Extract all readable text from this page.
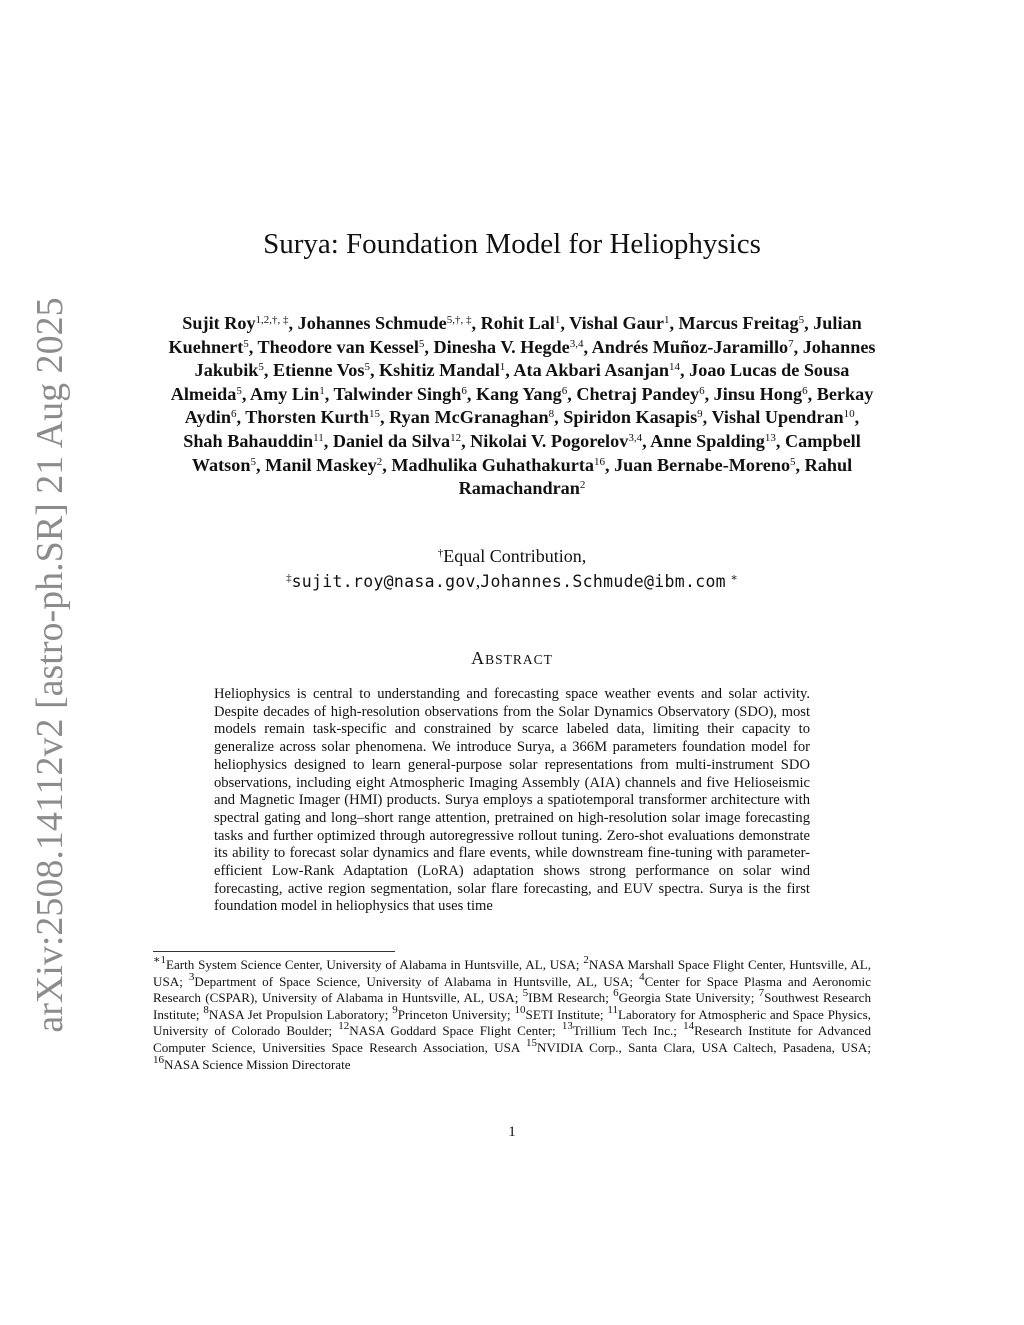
arXiv:2508.14112v2 [astro-ph.SR] 21 Aug 2025
Surya: Foundation Model for Heliophysics
Sujit Roy$^{1,2,\dagger, \ddagger}$, Johannes Schmude$^{5,\dagger, \ddagger}$, Rohit Lal$^1$, Vishal Gaur$^1$, Marcus Freitag$^5$, Julian Kuehnert$^5$, Theodore van Kessel$^5$, Dinesha V. Hegde$^{3,4}$, Andrés Muñoz-Jaramillo$^7$, Johannes Jakubik$^5$, Etienne Vos$^5$, Kshitiz Mandal$^1$, Ata Akbari Asanjan$^{14}$, Joao Lucas de Sousa Almeida$^5$, Amy Lin$^1$, Talwinder Singh$^6$, Kang Yang$^6$, Chetraj Pandey$^6$, Jinsu Hong$^6$, Berkay Aydin$^6$, Thorsten Kurth$^{15}$, Ryan McGranaghan$^8$, Spiridon Kasapis$^9$, Vishal Upendran$^{10}$, Shah Bahauddin$^{11}$, Daniel da Silva$^{12}$, Nikolai V. Pogorelov$^{3,4}$, Anne Spalding$^{13}$, Campbell Watson$^5$, Manil Maskey$^2$, Madhulika Guhathakurta$^{16}$, Juan Bernabe-Moreno$^5$, Rahul Ramachandran$^2$
†Equal Contribution,
‡sujit.roy@nasa.gov,Johannes.Schmude@ibm.com ∗
ABSTRACT
Heliophysics is central to understanding and forecasting space weather events and solar activity. Despite decades of high-resolution observations from the Solar Dynamics Observatory (SDO), most models remain task-specific and constrained by scarce labeled data, limiting their capacity to generalize across solar phenomena. We introduce Surya, a 366M parameters foundation model for heliophysics designed to learn general-purpose solar representations from multi-instrument SDO observations, including eight Atmospheric Imaging Assembly (AIA) channels and five Helioseismic and Magnetic Imager (HMI) products. Surya employs a spatiotemporal transformer architecture with spectral gating and long–short range attention, pretrained on high-resolution solar image forecasting tasks and further optimized through autoregressive rollout tuning. Zero-shot evaluations demonstrate its ability to forecast solar dynamics and flare events, while downstream fine-tuning with parameter-efficient Low-Rank Adaptation (LoRA) adaptation shows strong performance on solar wind forecasting, active region segmentation, solar flare forecasting, and EUV spectra. Surya is the first foundation model in heliophysics that uses time
$^{∗1}$Earth System Science Center, University of Alabama in Huntsville, AL, USA; $^2$NASA Marshall Space Flight Center, Huntsville, AL, USA; $^3$Department of Space Science, University of Alabama in Huntsville, AL, USA; $^4$Center for Space Plasma and Aeronomic Research (CSPAR), University of Alabama in Huntsville, AL, USA; $^5$IBM Research; $^6$Georgia State University; $^7$Southwest Research Institute; $^8$NASA Jet Propulsion Laboratory; $^9$Princeton University; $^{10}$SETI Institute; $^{11}$Laboratory for Atmospheric and Space Physics, University of Colorado Boulder; $^{12}$NASA Goddard Space Flight Center; $^{13}$Trillium Tech Inc.; $^{14}$Research Institute for Advanced Computer Science, Universities Space Research Association, USA $^{15}$NVIDIA Corp., Santa Clara, USA Caltech, Pasadena, USA; $^{16}$NASA Science Mission Directorate
1
